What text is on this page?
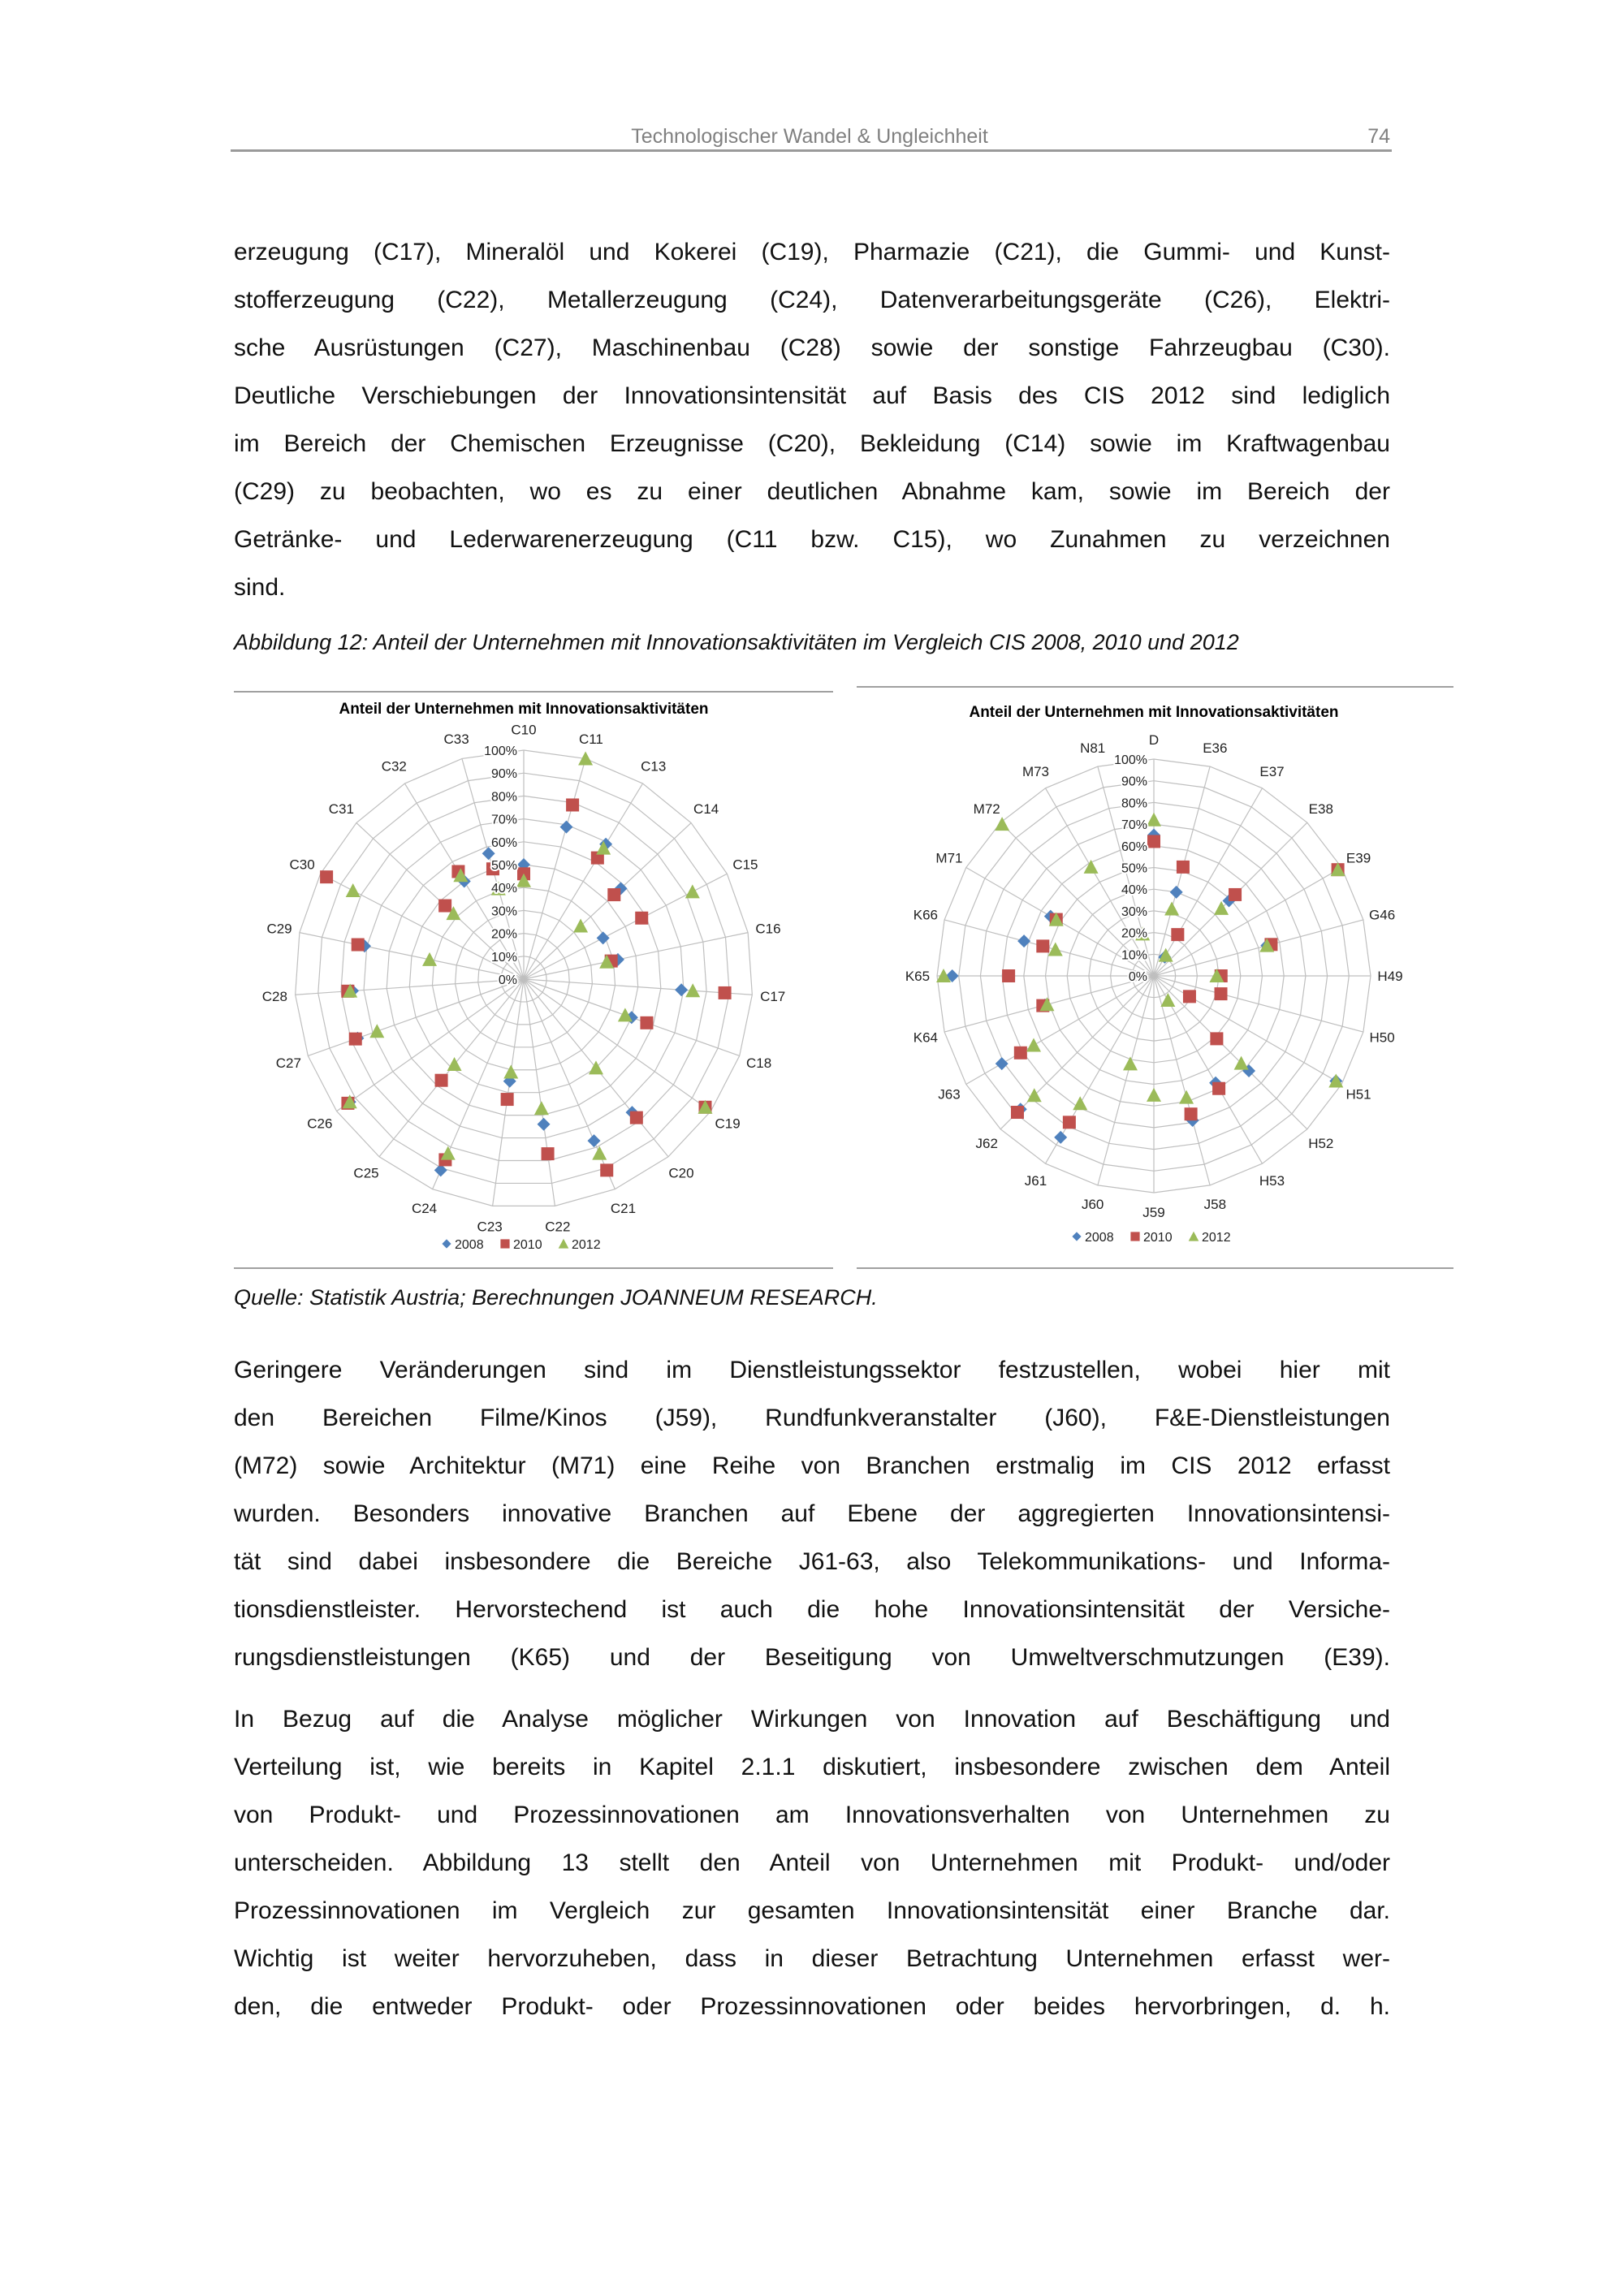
Technologischer Wandel & Ungleichheit	74
erzeugung (C17), Mineralöl und Kokerei (C19), Pharmazie (C21), die Gummi- und Kunst-
stofferzeugung (C22), Metallerzeugung (C24), Datenverarbeitungsgeräte (C26), Elektri-
sche Ausrüstungen (C27), Maschinenbau (C28) sowie der sonstige Fahrzeugbau (C30).
Deutliche Verschiebungen der Innovationsintensität auf Basis des CIS 2012 sind lediglich
im Bereich der Chemischen Erzeugnisse (C20), Bekleidung (C14) sowie im Kraftwagenbau
(C29) zu beobachten, wo es zu einer deutlichen Abnahme kam, sowie im Bereich der
Getränke- und Lederwarenerzeugung (C11 bzw. C15), wo Zunahmen zu verzeichnen
sind.
Abbildung 12: Anteil der Unternehmen mit Innovationsaktivitäten im Vergleich CIS 2008, 2010 und 2012
Anteil der Unternehmen mit Innovationsaktivitäten
C10
C11
C13
C14
C15
C16
C17
C18
C19
C20
C21
C22
C23
C24
C25
C26
C27
C28
C29
C30
C31
C32
C33
0%
10%
20%
30%
40%
50%
60%
70%
80%
90%
100%
2008 2010 2012
Anteil der Unternehmen mit Innovationsaktivitäten
D
E36
E37
E38
E39
G46
H49
H50
H51
H52
H53
J58
J59
J60
J61
J62
J63
K64
K65
K66
M71
M72
M73
N81
0%
10%
20%
30%
40%
50%
60%
70%
80%
90%
100%
2008 2010 2012
Quelle: Statistik Austria; Berechnungen JOANNEUM RESEARCH.
Geringere Veränderungen sind im Dienstleistungssektor festzustellen, wobei hier mit
den Bereichen Filme/Kinos (J59), Rundfunkveranstalter (J60), F&E-Dienstleistungen
(M72) sowie Architektur (M71) eine Reihe von Branchen erstmalig im CIS 2012 erfasst
wurden. Besonders innovative Branchen auf Ebene der aggregierten Innovationsintensi-
tät sind dabei insbesondere die Bereiche J61-63, also Telekommunikations- und Informa-
tionsdienstleister. Hervorstechend ist auch die hohe Innovationsintensität der Versiche-
rungsdienstleistungen (K65) und der Beseitigung von Umweltverschmutzungen (E39).
In Bezug auf die Analyse möglicher Wirkungen von Innovation auf Beschäftigung und
Verteilung ist, wie bereits in Kapitel 2.1.1 diskutiert, insbesondere zwischen dem Anteil
von Produkt- und Prozessinnovationen am Innovationsverhalten von Unternehmen zu
unterscheiden. Abbildung 13 stellt den Anteil von Unternehmen mit Produkt- und/oder
Prozessinnovationen im Vergleich zur gesamten Innovationsintensität einer Branche dar.
Wichtig ist weiter hervorzuheben, dass in dieser Betrachtung Unternehmen erfasst wer-
den, die entweder Produkt- oder Prozessinnovationen oder beides hervorbringen, d. h.
